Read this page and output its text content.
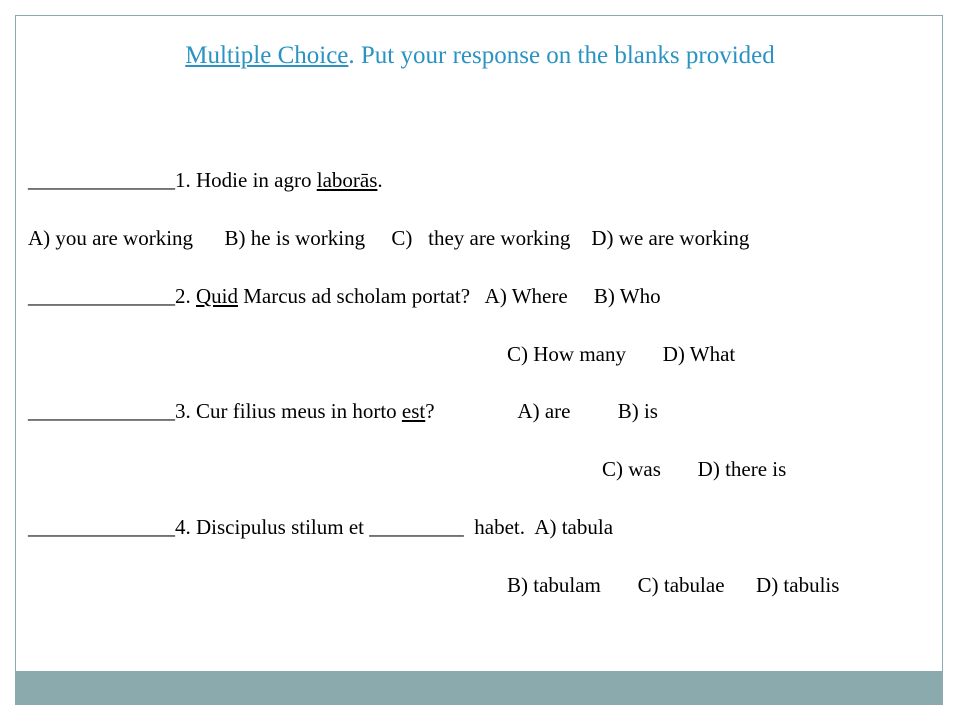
Multiple Choice. Put your response on the blanks provided
______________1. Hodie in agro laborās.
A) you are working      B) he is working     C)   they are working    D) we are working
______________2. Quid Marcus ad scholam portat?   A) Where     B) Who
C) How many       D) What
______________3. Cur filius meus in horto est?                A) are         B) is
C) was       D) there is
______________4. Discipulus stilum et _________  habet.  A) tabula
B) tabulam       C) tabulae      D) tabulis
